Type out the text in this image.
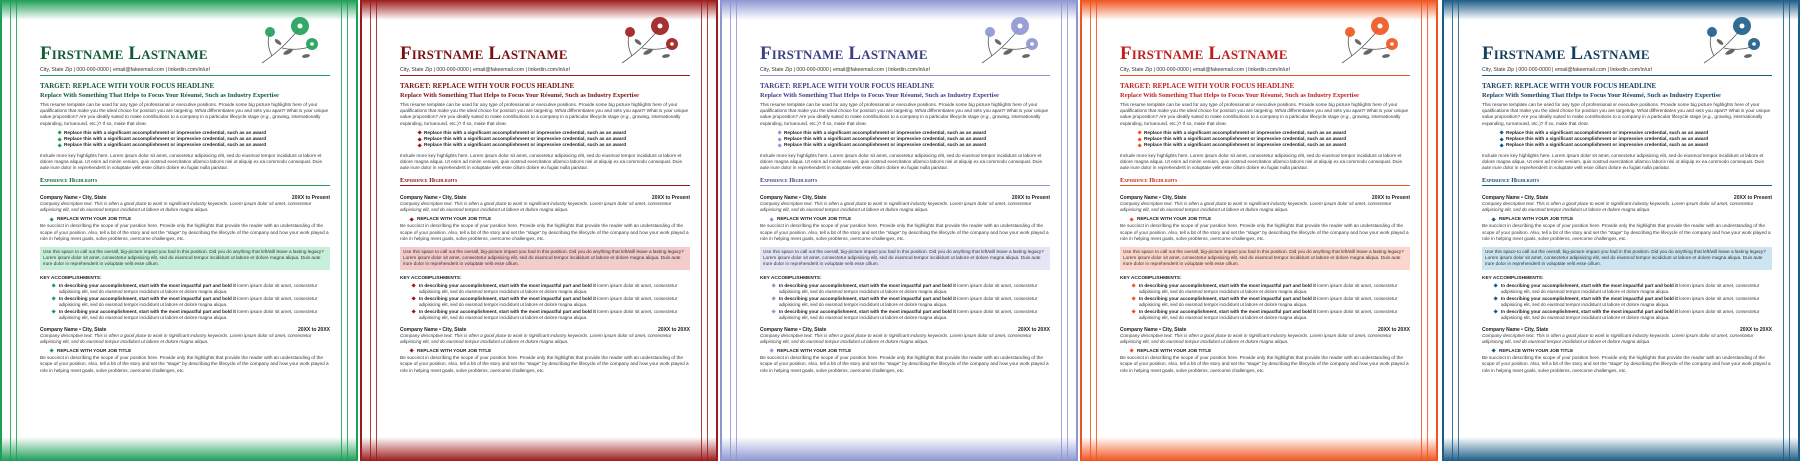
Firstname Lastname
City, State Zip | 000-000-0000 | email@fakeemail.com | linkedin.com/in/url
TARGET: REPLACE WITH YOUR FOCUS HEADLINE
Replace With Something That Helps to Focus Your Résumé, Such as Industry Expertise
This resume template can be used for any type of professional or executive positions. Provide some big picture highlights here of your qualifications that make you the ideal choice for position you are targeting. What differentiates you and sets you apart? What is your unique value proposition? Are you ideally suited to make contributions to a company in a particular lifecycle stage (e.g., growing, internationally expanding, turnaround, etc.)? If so, make that clear.
Replace this with a significant accomplishment or impressive credential, such as an award
Replace this with a significant accomplishment or impressive credential, such as an award
Replace this with a significant accomplishment or impressive credential, such as an award
Include more key highlights here. Lorem ipsum dolor sit amet, consectetur adipisicing elit, sed do eiusmod tempor incididunt ut labore et dolore magna aliqua. Ut enim ad minim veniam, quis nostrud exercitation ullamco laboris nisi ut aliquip ex ea commodo consequat. Duis aute irure dolor in reprehenderit in voluptate velit esse cillum dolore eu fugiat nulla pariatur.
Experience Highlights
Company Name • City, State	20XX to Present
Company descriptive text. This is often a good place to work in significant industry keywords. Lorem ipsum dolor sit amet, consectetur adipisicing elit, sed do eiusmod tempor incididunt ut labore et dolore magna aliqua.
REPLACE WITH YOUR JOB TITLE
Be succinct in describing the scope of your position here. Provide only the highlights that provide the reader with an understanding of the scope of your position. Also, tell a bit of the story and set the "stage" by describing the lifecycle of the company and how your work played a role in helping meet goals, solve problems, overcome challenges, etc.
Use this space to call out the overall, big-picture impact you had in this position. Did you do anything that left/will leave a lasting legacy? Lorem ipsum dolor sit amet, consectetur adipisicing elit, sed do eiusmod tempor incididunt ut labore et dolore magna aliqua. Duis aute irure dolor in reprehenderit in voluptate velit esse cillum.
KEY ACCOMPLISHMENTS:
In describing your accomplishment, start with the most impactful part and bold it lorem ipsum dolor sit amet, consectetur adipisicing elit, sed do eiusmod tempor incididunt ut labore et dolore magna aliqua.
In describing your accomplishment, start with the most impactful part and bold it lorem ipsum dolor sit amet, consectetur adipisicing elit, sed do eiusmod tempor incididunt ut labore et dolore magna aliqua.
In describing your accomplishment, start with the most impactful part and bold it lorem ipsum dolor sit amet, consectetur adipisicing elit, sed do eiusmod tempor incididunt ut labore et dolore magna aliqua.
Company Name • City, State	20XX to 20XX
Company descriptive text. This is often a good place to work in significant industry keywords. Lorem ipsum dolor sit amet, consectetur adipisicing elit, sed do eiusmod tempor incididunt ut labore et dolore magna aliqua.
REPLACE WITH YOUR JOB TITLE
Be succinct in describing the scope of your position here. Provide only the highlights that provide the reader with an understanding of the scope of your position. Also, tell a bit of the story and set the "stage" by describing the lifecycle of the company and how your work played a role in helping meet goals, solve problems, overcome challenges, etc.
Firstname Lastname
City, State Zip | 000-000-0000 | email@fakeemail.com | linkedin.com/in/url
TARGET: REPLACE WITH YOUR FOCUS HEADLINE
Replace With Something That Helps to Focus Your Résumé, Such as Industry Expertise
This resume template can be used for any type of professional or executive positions. Provide some big picture highlights here of your qualifications that make you the ideal choice for position you are targeting. What differentiates you and sets you apart? What is your unique value proposition? Are you ideally suited to make contributions to a company in a particular lifecycle stage (e.g., growing, internationally expanding, turnaround, etc.)? If so, make that clear.
Replace this with a significant accomplishment or impressive credential, such as an award
Replace this with a significant accomplishment or impressive credential, such as an award
Replace this with a significant accomplishment or impressive credential, such as an award
Include more key highlights here. Lorem ipsum dolor sit amet, consectetur adipisicing elit, sed do eiusmod tempor incididunt ut labore et dolore magna aliqua. Ut enim ad minim veniam, quis nostrud exercitation ullamco laboris nisi ut aliquip ex ea commodo consequat. Duis aute irure dolor in reprehenderit in voluptate velit esse cillum dolore eu fugiat nulla pariatur.
Experience Highlights
Company Name • City, State	20XX to Present
Company descriptive text. This is often a good place to work in significant industry keywords. Lorem ipsum dolor sit amet, consectetur adipisicing elit, sed do eiusmod tempor incididunt ut labore et dolore magna aliqua.
REPLACE WITH YOUR JOB TITLE
Be succinct in describing the scope of your position here. Provide only the highlights that provide the reader with an understanding of the scope of your position. Also, tell a bit of the story and set the "stage" by describing the lifecycle of the company and how your work played a role in helping meet goals, solve problems, overcome challenges, etc.
Use this space to call out the overall, big-picture impact you had in this position. Did you do anything that left/will leave a lasting legacy? Lorem ipsum dolor sit amet, consectetur adipisicing elit, sed do eiusmod tempor incididunt ut labore et dolore magna aliqua. Duis aute irure dolor in reprehenderit in voluptate velit esse cillum.
KEY ACCOMPLISHMENTS:
In describing your accomplishment, start with the most impactful part and bold it lorem ipsum dolor sit amet, consectetur adipisicing elit, sed do eiusmod tempor incididunt ut labore et dolore magna aliqua.
In describing your accomplishment, start with the most impactful part and bold it lorem ipsum dolor sit amet, consectetur adipisicing elit, sed do eiusmod tempor incididunt ut labore et dolore magna aliqua.
In describing your accomplishment, start with the most impactful part and bold it lorem ipsum dolor sit amet, consectetur adipisicing elit, sed do eiusmod tempor incididunt ut labore et dolore magna aliqua.
Company Name • City, State	20XX to 20XX
Company descriptive text. This is often a good place to work in significant industry keywords. Lorem ipsum dolor sit amet, consectetur adipisicing elit, sed do eiusmod tempor incididunt ut labore et dolore magna aliqua.
REPLACE WITH YOUR JOB TITLE
Be succinct in describing the scope of your position here. Provide only the highlights that provide the reader with an understanding of the scope of your position. Also, tell a bit of the story and set the "stage" by describing the lifecycle of the company and how your work played a role in helping meet goals, solve problems, overcome challenges, etc.
Firstname Lastname
City, State Zip | 000-000-0000 | email@fakeemail.com | linkedin.com/in/url
TARGET: REPLACE WITH YOUR FOCUS HEADLINE
Replace With Something That Helps to Focus Your Résumé, Such as Industry Expertise
This resume template can be used for any type of professional or executive positions. Provide some big picture highlights here of your qualifications that make you the ideal choice for position you are targeting. What differentiates you and sets you apart? What is your unique value proposition? Are you ideally suited to make contributions to a company in a particular lifecycle stage (e.g., growing, internationally expanding, turnaround, etc.)? If so, make that clear.
Replace this with a significant accomplishment or impressive credential, such as an award
Replace this with a significant accomplishment or impressive credential, such as an award
Replace this with a significant accomplishment or impressive credential, such as an award
Include more key highlights here. Lorem ipsum dolor sit amet, consectetur adipisicing elit, sed do eiusmod tempor incididunt ut labore et dolore magna aliqua. Ut enim ad minim veniam, quis nostrud exercitation ullamco laboris nisi ut aliquip ex ea commodo consequat. Duis aute irure dolor in reprehenderit in voluptate velit esse cillum dolore eu fugiat nulla pariatur.
Experience Highlights
Company Name • City, State	20XX to Present
Company descriptive text. This is often a good place to work in significant industry keywords. Lorem ipsum dolor sit amet, consectetur adipisicing elit, sed do eiusmod tempor incididunt ut labore et dolore magna aliqua.
REPLACE WITH YOUR JOB TITLE
Be succinct in describing the scope of your position here. Provide only the highlights that provide the reader with an understanding of the scope of your position. Also, tell a bit of the story and set the "stage" by describing the lifecycle of the company and how your work played a role in helping meet goals, solve problems, overcome challenges, etc.
Use this space to call out the overall, big-picture impact you had in this position. Did you do anything that left/will leave a lasting legacy? Lorem ipsum dolor sit amet, consectetur adipisicing elit, sed do eiusmod tempor incididunt ut labore et dolore magna aliqua. Duis aute irure dolor in reprehenderit in voluptate velit esse cillum.
KEY ACCOMPLISHMENTS:
In describing your accomplishment, start with the most impactful part and bold it lorem ipsum dolor sit amet, consectetur adipisicing elit, sed do eiusmod tempor incididunt ut labore et dolore magna aliqua.
In describing your accomplishment, start with the most impactful part and bold it lorem ipsum dolor sit amet, consectetur adipisicing elit, sed do eiusmod tempor incididunt ut labore et dolore magna aliqua.
In describing your accomplishment, start with the most impactful part and bold it lorem ipsum dolor sit amet, consectetur adipisicing elit, sed do eiusmod tempor incididunt ut labore et dolore magna aliqua.
Company Name • City, State	20XX to 20XX
Company descriptive text. This is often a good place to work in significant industry keywords. Lorem ipsum dolor sit amet, consectetur adipisicing elit, sed do eiusmod tempor incididunt ut labore et dolore magna aliqua.
REPLACE WITH YOUR JOB TITLE
Be succinct in describing the scope of your position here. Provide only the highlights that provide the reader with an understanding of the scope of your position. Also, tell a bit of the story and set the "stage" by describing the lifecycle of the company and how your work played a role in helping meet goals, solve problems, overcome challenges, etc.
Firstname Lastname
City, State Zip | 000-000-0000 | email@fakeemail.com | linkedin.com/in/url
TARGET: REPLACE WITH YOUR FOCUS HEADLINE
Replace With Something That Helps to Focus Your Résumé, Such as Industry Expertise
This resume template can be used for any type of professional or executive positions. Provide some big picture highlights here of your qualifications that make you the ideal choice for position you are targeting. What differentiates you and sets you apart? What is your unique value proposition? Are you ideally suited to make contributions to a company in a particular lifecycle stage (e.g., growing, internationally expanding, turnaround, etc.)? If so, make that clear.
Replace this with a significant accomplishment or impressive credential, such as an award
Replace this with a significant accomplishment or impressive credential, such as an award
Replace this with a significant accomplishment or impressive credential, such as an award
Include more key highlights here. Lorem ipsum dolor sit amet, consectetur adipisicing elit, sed do eiusmod tempor incididunt ut labore et dolore magna aliqua. Ut enim ad minim veniam, quis nostrud exercitation ullamco laboris nisi ut aliquip ex ea commodo consequat. Duis aute irure dolor in reprehenderit in voluptate velit esse cillum dolore eu fugiat nulla pariatur.
Experience Highlights
Company Name • City, State	20XX to Present
Company descriptive text. This is often a good place to work in significant industry keywords. Lorem ipsum dolor sit amet, consectetur adipisicing elit, sed do eiusmod tempor incididunt ut labore et dolore magna aliqua.
REPLACE WITH YOUR JOB TITLE
Be succinct in describing the scope of your position here. Provide only the highlights that provide the reader with an understanding of the scope of your position. Also, tell a bit of the story and set the "stage" by describing the lifecycle of the company and how your work played a role in helping meet goals, solve problems, overcome challenges, etc.
Use this space to call out the overall, big-picture impact you had in this position. Did you do anything that left/will leave a lasting legacy? Lorem ipsum dolor sit amet, consectetur adipisicing elit, sed do eiusmod tempor incididunt ut labore et dolore magna aliqua. Duis aute irure dolor in reprehenderit in voluptate velit esse cillum.
KEY ACCOMPLISHMENTS:
In describing your accomplishment, start with the most impactful part and bold it lorem ipsum dolor sit amet, consectetur adipisicing elit, sed do eiusmod tempor incididunt ut labore et dolore magna aliqua.
In describing your accomplishment, start with the most impactful part and bold it lorem ipsum dolor sit amet, consectetur adipisicing elit, sed do eiusmod tempor incididunt ut labore et dolore magna aliqua.
In describing your accomplishment, start with the most impactful part and bold it lorem ipsum dolor sit amet, consectetur adipisicing elit, sed do eiusmod tempor incididunt ut labore et dolore magna aliqua.
Company Name • City, State	20XX to 20XX
Company descriptive text. This is often a good place to work in significant industry keywords. Lorem ipsum dolor sit amet, consectetur adipisicing elit, sed do eiusmod tempor incididunt ut labore et dolore magna aliqua.
REPLACE WITH YOUR JOB TITLE
Be succinct in describing the scope of your position here. Provide only the highlights that provide the reader with an understanding of the scope of your position. Also, tell a bit of the story and set the "stage" by describing the lifecycle of the company and how your work played a role in helping meet goals, solve problems, overcome challenges, etc.
Firstname Lastname
City, State Zip | 000-000-0000 | email@fakeemail.com | linkedin.com/in/url
TARGET: REPLACE WITH YOUR FOCUS HEADLINE
Replace With Something That Helps to Focus Your Résumé, Such as Industry Expertise
This resume template can be used for any type of professional or executive positions. Provide some big picture highlights here of your qualifications that make you the ideal choice for position you are targeting. What differentiates you and sets you apart? What is your unique value proposition? Are you ideally suited to make contributions to a company in a particular lifecycle stage (e.g., growing, internationally expanding, turnaround, etc.)? If so, make that clear.
Replace this with a significant accomplishment or impressive credential, such as an award
Replace this with a significant accomplishment or impressive credential, such as an award
Replace this with a significant accomplishment or impressive credential, such as an award
Include more key highlights here. Lorem ipsum dolor sit amet, consectetur adipisicing elit, sed do eiusmod tempor incididunt ut labore et dolore magna aliqua. Ut enim ad minim veniam, quis nostrud exercitation ullamco laboris nisi ut aliquip ex ea commodo consequat. Duis aute irure dolor in reprehenderit in voluptate velit esse cillum dolore eu fugiat nulla pariatur.
Experience Highlights
Company Name • City, State	20XX to Present
Company descriptive text. This is often a good place to work in significant industry keywords. Lorem ipsum dolor sit amet, consectetur adipisicing elit, sed do eiusmod tempor incididunt ut labore et dolore magna aliqua.
REPLACE WITH YOUR JOB TITLE
Be succinct in describing the scope of your position here. Provide only the highlights that provide the reader with an understanding of the scope of your position. Also, tell a bit of the story and set the "stage" by describing the lifecycle of the company and how your work played a role in helping meet goals, solve problems, overcome challenges, etc.
Use this space to call out the overall, big-picture impact you had in this position. Did you do anything that left/will leave a lasting legacy? Lorem ipsum dolor sit amet, consectetur adipisicing elit, sed do eiusmod tempor incididunt ut labore et dolore magna aliqua. Duis aute irure dolor in reprehenderit in voluptate velit esse cillum.
KEY ACCOMPLISHMENTS:
In describing your accomplishment, start with the most impactful part and bold it lorem ipsum dolor sit amet, consectetur adipisicing elit, sed do eiusmod tempor incididunt ut labore et dolore magna aliqua.
In describing your accomplishment, start with the most impactful part and bold it lorem ipsum dolor sit amet, consectetur adipisicing elit, sed do eiusmod tempor incididunt ut labore et dolore magna aliqua.
In describing your accomplishment, start with the most impactful part and bold it lorem ipsum dolor sit amet, consectetur adipisicing elit, sed do eiusmod tempor incididunt ut labore et dolore magna aliqua.
Company Name • City, State	20XX to 20XX
Company descriptive text. This is often a good place to work in significant industry keywords. Lorem ipsum dolor sit amet, consectetur adipisicing elit, sed do eiusmod tempor incididunt ut labore et dolore magna aliqua.
REPLACE WITH YOUR JOB TITLE
Be succinct in describing the scope of your position here. Provide only the highlights that provide the reader with an understanding of the scope of your position. Also, tell a bit of the story and set the "stage" by describing the lifecycle of the company and how your work played a role in helping meet goals, solve problems, overcome challenges, etc.
